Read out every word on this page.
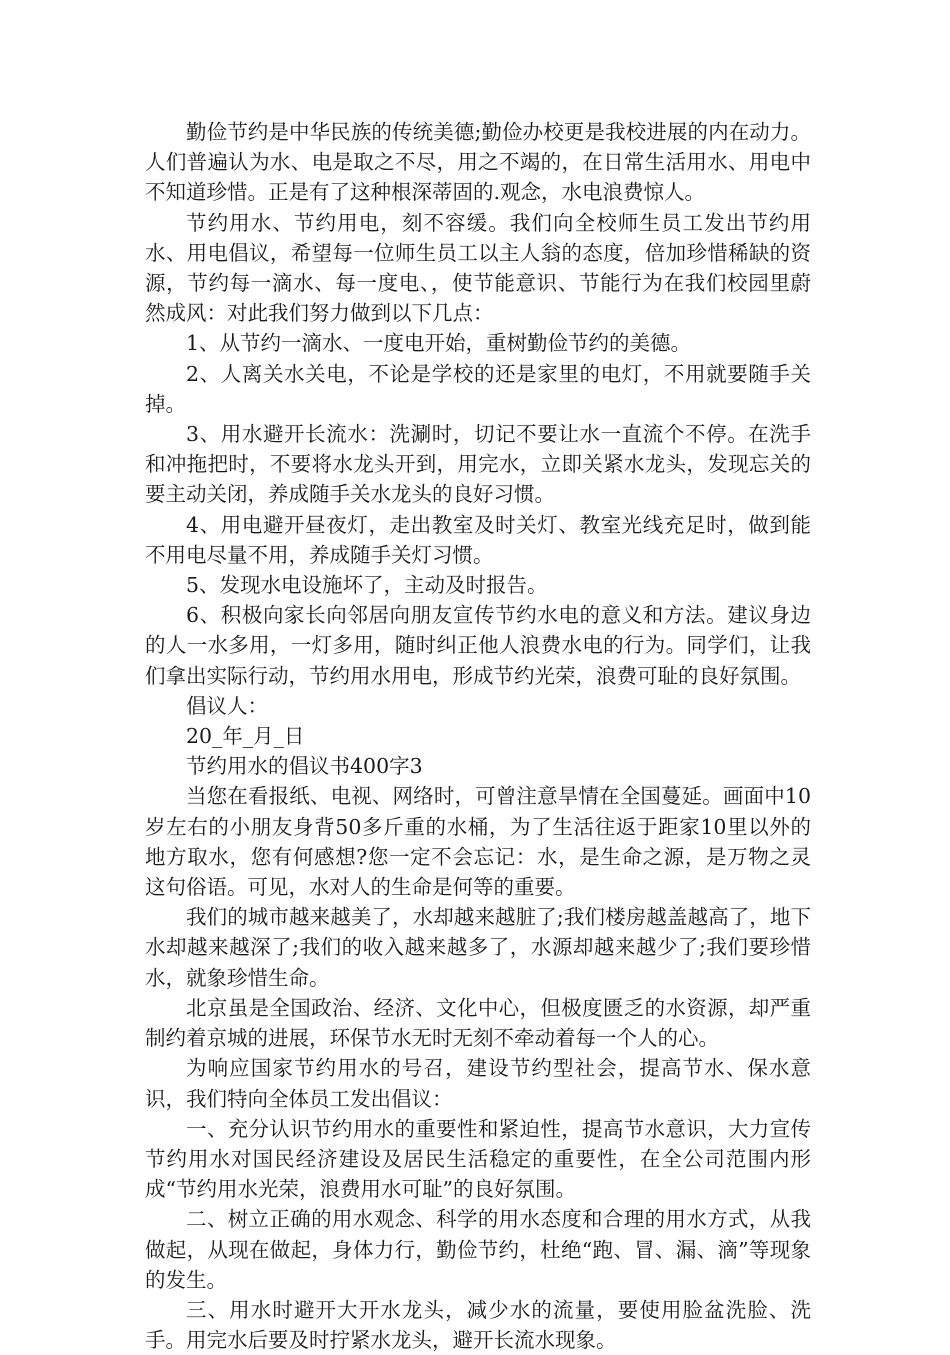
勤俭节约是中华民族的传统美德;勤俭办校更是我校进展的内在动力。人们普遍认为水、电是取之不尽，用之不竭的，在日常生活用水、用电中不知道珍惜。正是有了这种根深蒂固的.观念，水电浪费惊人。

节约用水、节约用电，刻不容缓。我们向全校师生员工发出节约用水、用电倡议，希望每一位师生员工以主人翁的态度，倍加珍惜稀缺的资源，节约每一滴水、每一度电、，使节能意识、节能行为在我们校园里蔚然成风：对此我们努力做到以下几点：

1、从节约一滴水、一度电开始，重树勤俭节约的美德。

2、人离关水关电，不论是学校的还是家里的电灯，不用就要随手关掉。

3、用水避开长流水：洗涮时，切记不要让水一直流个不停。在洗手和冲拖把时，不要将水龙头开到，用完水，立即关紧水龙头，发现忘关的要主动关闭，养成随手关水龙头的良好习惯。

4、用电避开昼夜灯，走出教室及时关灯、教室光线充足时，做到能不用电尽量不用，养成随手关灯习惯。

5、发现水电设施坏了，主动及时报告。

6、积极向家长向邻居向朋友宣传节约水电的意义和方法。建议身边的人一水多用，一灯多用，随时纠正他人浪费水电的行为。同学们，让我们拿出实际行动，节约用水用电，形成节约光荣，浪费可耻的良好氛围。

倡议人：

20_年_月_日

节约用水的倡议书400字3

当您在看报纸、电视、网络时，可曾注意旱情在全国蔓延。画面中10岁左右的小朋友身背50多斤重的水桶，为了生活往返于距家10里以外的地方取水，您有何感想?您一定不会忘记：水，是生命之源，是万物之灵这句俗语。可见，水对人的生命是何等的重要。

我们的城市越来越美了，水却越来越脏了;我们楼房越盖越高了，地下水却越来越深了;我们的收入越来越多了，水源却越来越少了;我们要珍惜水，就象珍惜生命。

北京虽是全国政治、经济、文化中心，但极度匮乏的水资源，却严重制约着京城的进展，环保节水无时无刻不牵动着每一个人的心。

为响应国家节约用水的号召，建设节约型社会，提高节水、保水意识，我们特向全体员工发出倡议：

一、充分认识节约用水的重要性和紧迫性，提高节水意识，大力宣传节约用水对国民经济建设及居民生活稳定的重要性，在全公司范围内形成“节约用水光荣，浪费用水可耻”的良好氛围。

二、树立正确的用水观念、科学的用水态度和合理的用水方式，从我做起，从现在做起，身体力行，勤俭节约，杜绝“跑、冒、漏、滴”等现象的发生。

三、用水时避开大开水龙头，减少水的流量，要使用脸盆洗脸、洗手。用完水后要及时拧紧水龙头，避开长流水现象。
